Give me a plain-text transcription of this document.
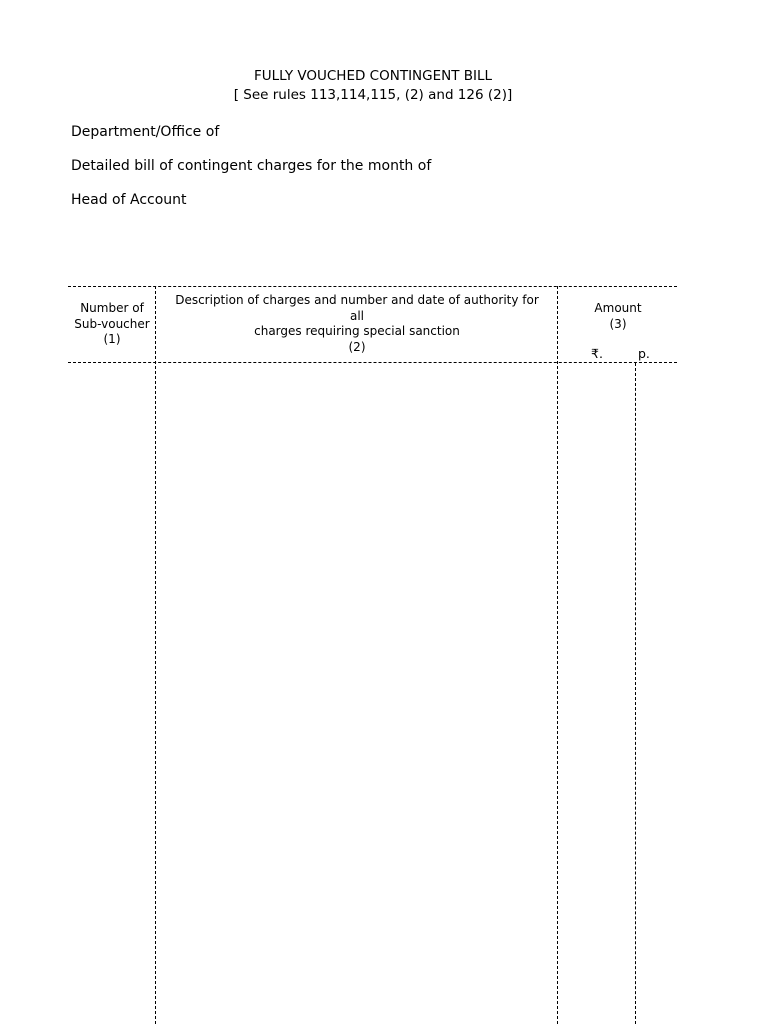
FULLY VOUCHED CONTINGENT BILL
[ See rules 113,114,115, (2) and 126 (2)]
Department/Office of
Detailed bill of contingent charges for the month of
Head of Account
Number of
Sub-voucher
(1)
Description of charges and number and date of authority for
all
charges requiring special sanction
(2)
Amount
(3)
₹.	p.
